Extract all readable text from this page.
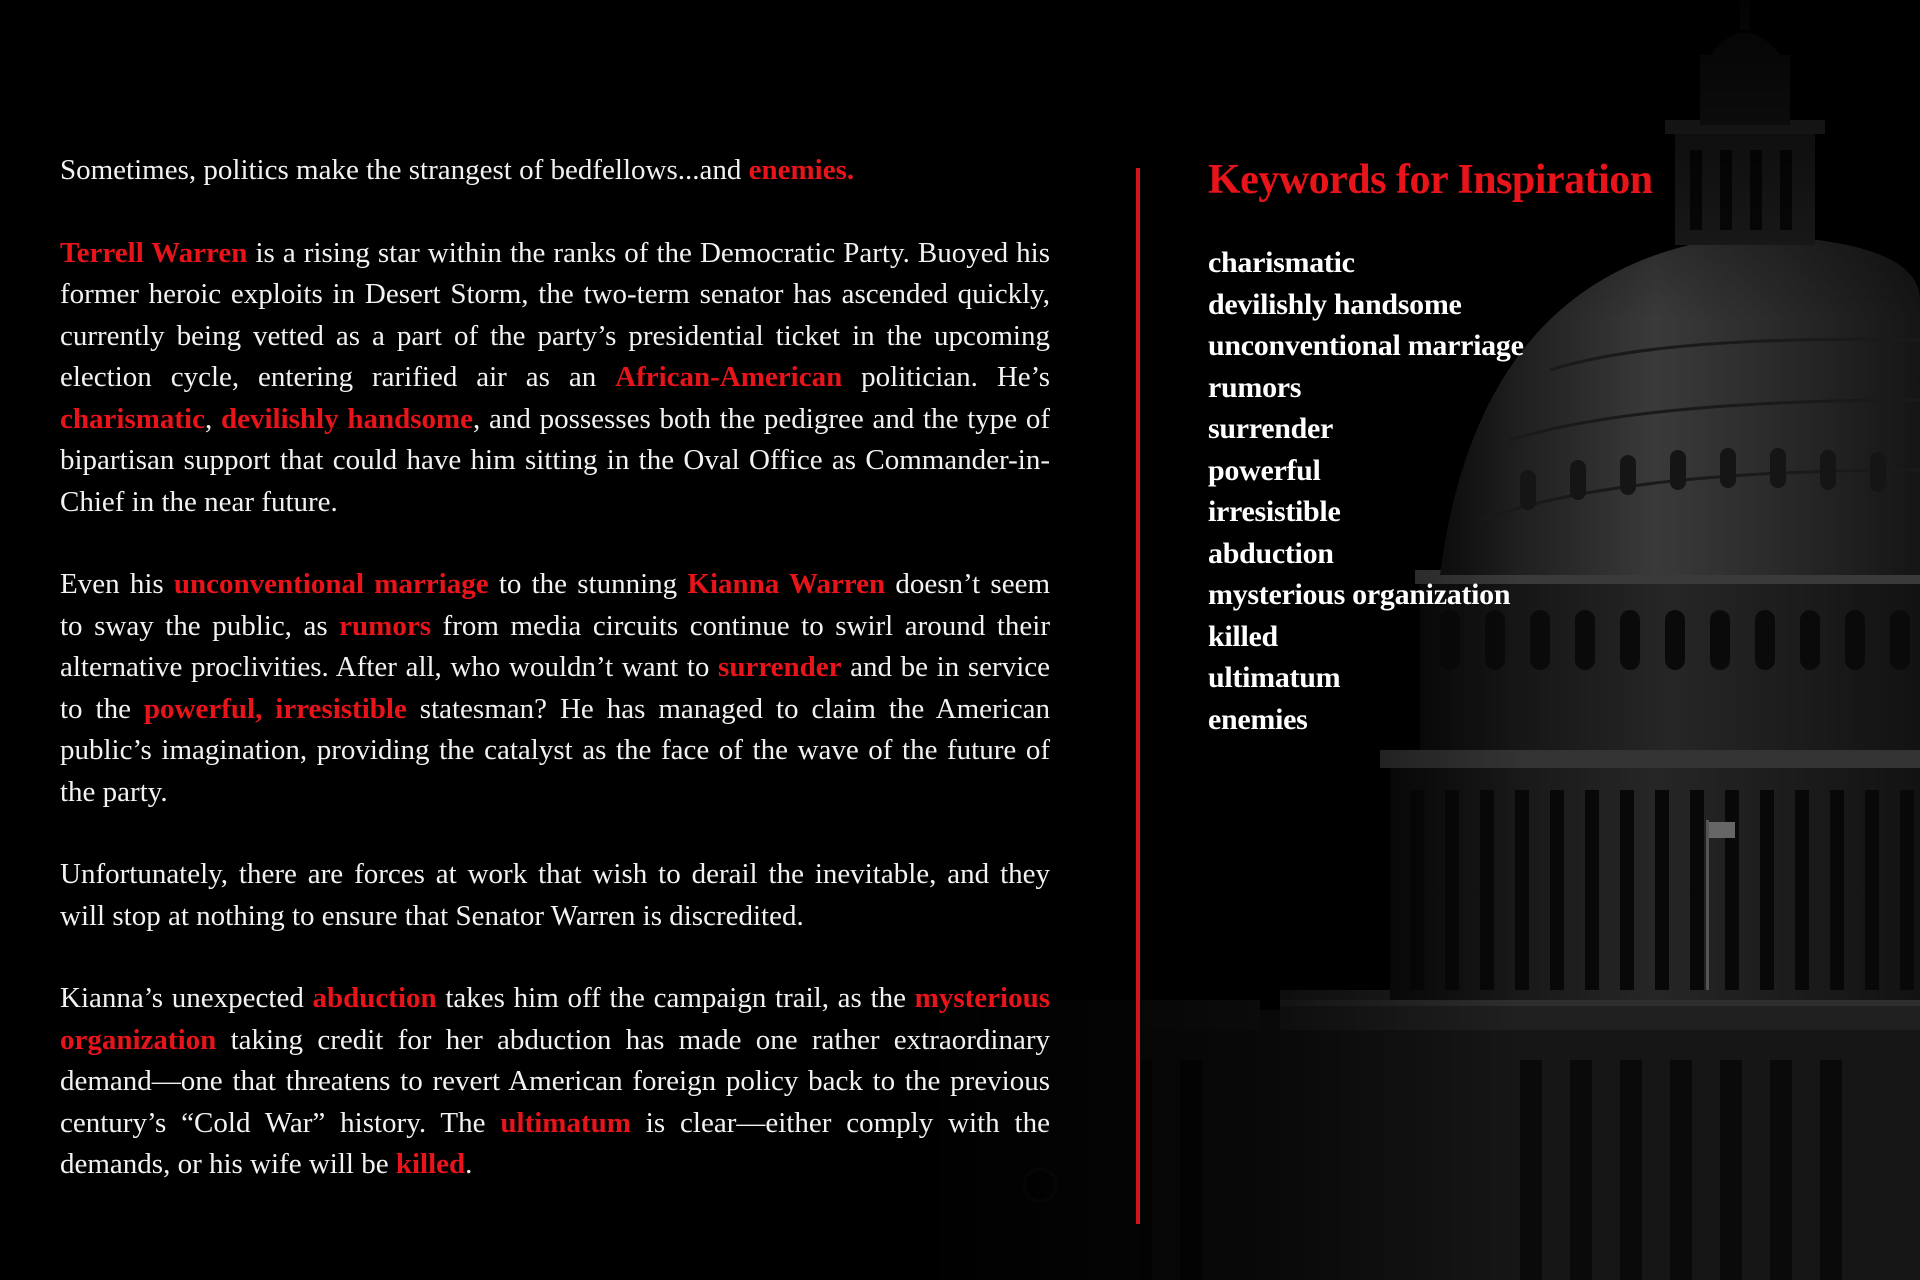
Sometimes, politics make the strangest of bedfellows...and enemies.

Terrell Warren is a rising star within the ranks of the Democratic Party. Buoyed his former heroic exploits in Desert Storm, the two-term senator has ascended quickly, currently being vetted as a part of the party’s presidential ticket in the upcoming election cycle, entering rarified air as an African-American politician. He’s charismatic, devilishly handsome, and possesses both the pedigree and the type of bipartisan support that could have him sitting in the Oval Office as Commander-in-Chief in the near future.

Even his unconventional marriage to the stunning Kianna Warren doesn’t seem to sway the public, as rumors from media circuits continue to swirl around their alternative proclivities. After all, who wouldn’t want to surrender and be in service to the powerful, irresistible statesman? He has managed to claim the American public’s imagination, providing the catalyst as the face of the wave of the future of the party.

Unfortunately, there are forces at work that wish to derail the inevitable, and they will stop at nothing to ensure that Senator Warren is discredited.

Kianna’s unexpected abduction takes him off the campaign trail, as the mysterious organization taking credit for her abduction has made one rather extraordinary demand—one that threatens to revert American foreign policy back to the previous century’s “Cold War” history. The ultimatum is clear—either comply with the demands, or his wife will be killed.

Keywords for Inspiration
charismatic
devilishly handsome
unconventional marriage
rumors
surrender
powerful
irresistible
abduction
mysterious organization
killed
ultimatum
enemies
